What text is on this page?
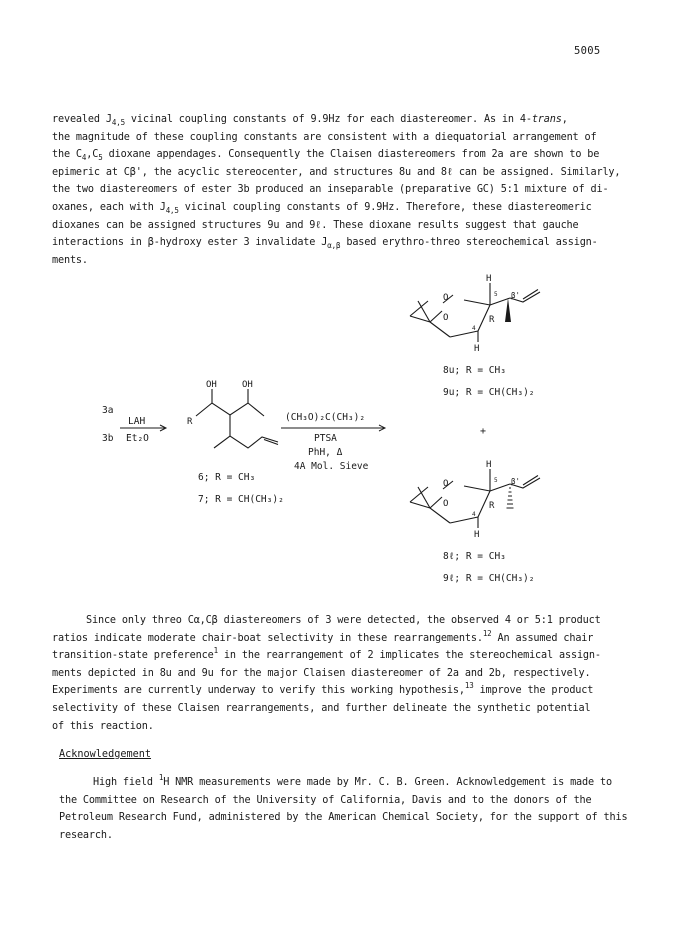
5005

revealed $J_{4,5}$ vicinal coupling constants of 9.9Hz for each diastereomer. As in 4-trans,
the magnitude of these coupling constants are consistent with a diequatorial arrangement of
the $C_4,C_5$ dioxane appendages. Consequently the Claisen diastereomers from 2a are shown to be
epimeric at Cβ', the acyclic stereocenter, and structures 8u and 8ℓ can be assigned. Similarly,
the two diastereomers of ester 3b produced an inseparable (preparative GC) 5:1 mixture of di-
oxanes, each with $J_{4,5}$ vicinal coupling constants of 9.9Hz. Therefore, these diastereomeric
dioxanes can be assigned structures 9u and 9ℓ. These dioxane results suggest that gauche
interactions in β-hydroxy ester 3 invalidate $J_{\alpha,\beta}$ based erythro-threo stereochemical assign-
ments.

3a
3b
LAH
Et₂O
OH	OH
R
6; R = CH₃
7; R = CH(CH₃)₂
(CH₃O)₂C(CH₃)₂
PTSA
PhH, Δ
4A Mol. Sieve
+
H
H
O
O	R
5
4
β'
8u; R = CH₃
9u; R = CH(CH₃)₂
H
H
O
O	R
5
4
β'
8ℓ; R = CH₃
9ℓ; R = CH(CH₃)₂

Since only threo Cα,Cβ diastereomers of 3 were detected, the observed 4 or 5:1 product
ratios indicate moderate chair-boat selectivity in these rearrangements.$^{12}$ An assumed chair
transition-state preference$^1$ in the rearrangement of 2 implicates the stereochemical assign-
ments depicted in 8u and 9u for the major Claisen diastereomer of 2a and 2b, respectively.
Experiments are currently underway to verify this working hypothesis,$^{13}$ improve the product
selectivity of these Claisen rearrangements, and further delineate the synthetic potential
of this reaction.

Acknowledgement

High field $^1$H NMR measurements were made by Mr. C. B. Green. Acknowledgement is made to
the Committee on Research of the University of California, Davis and to the donors of the
Petroleum Research Fund, administered by the American Chemical Society, for the support of this
research.
